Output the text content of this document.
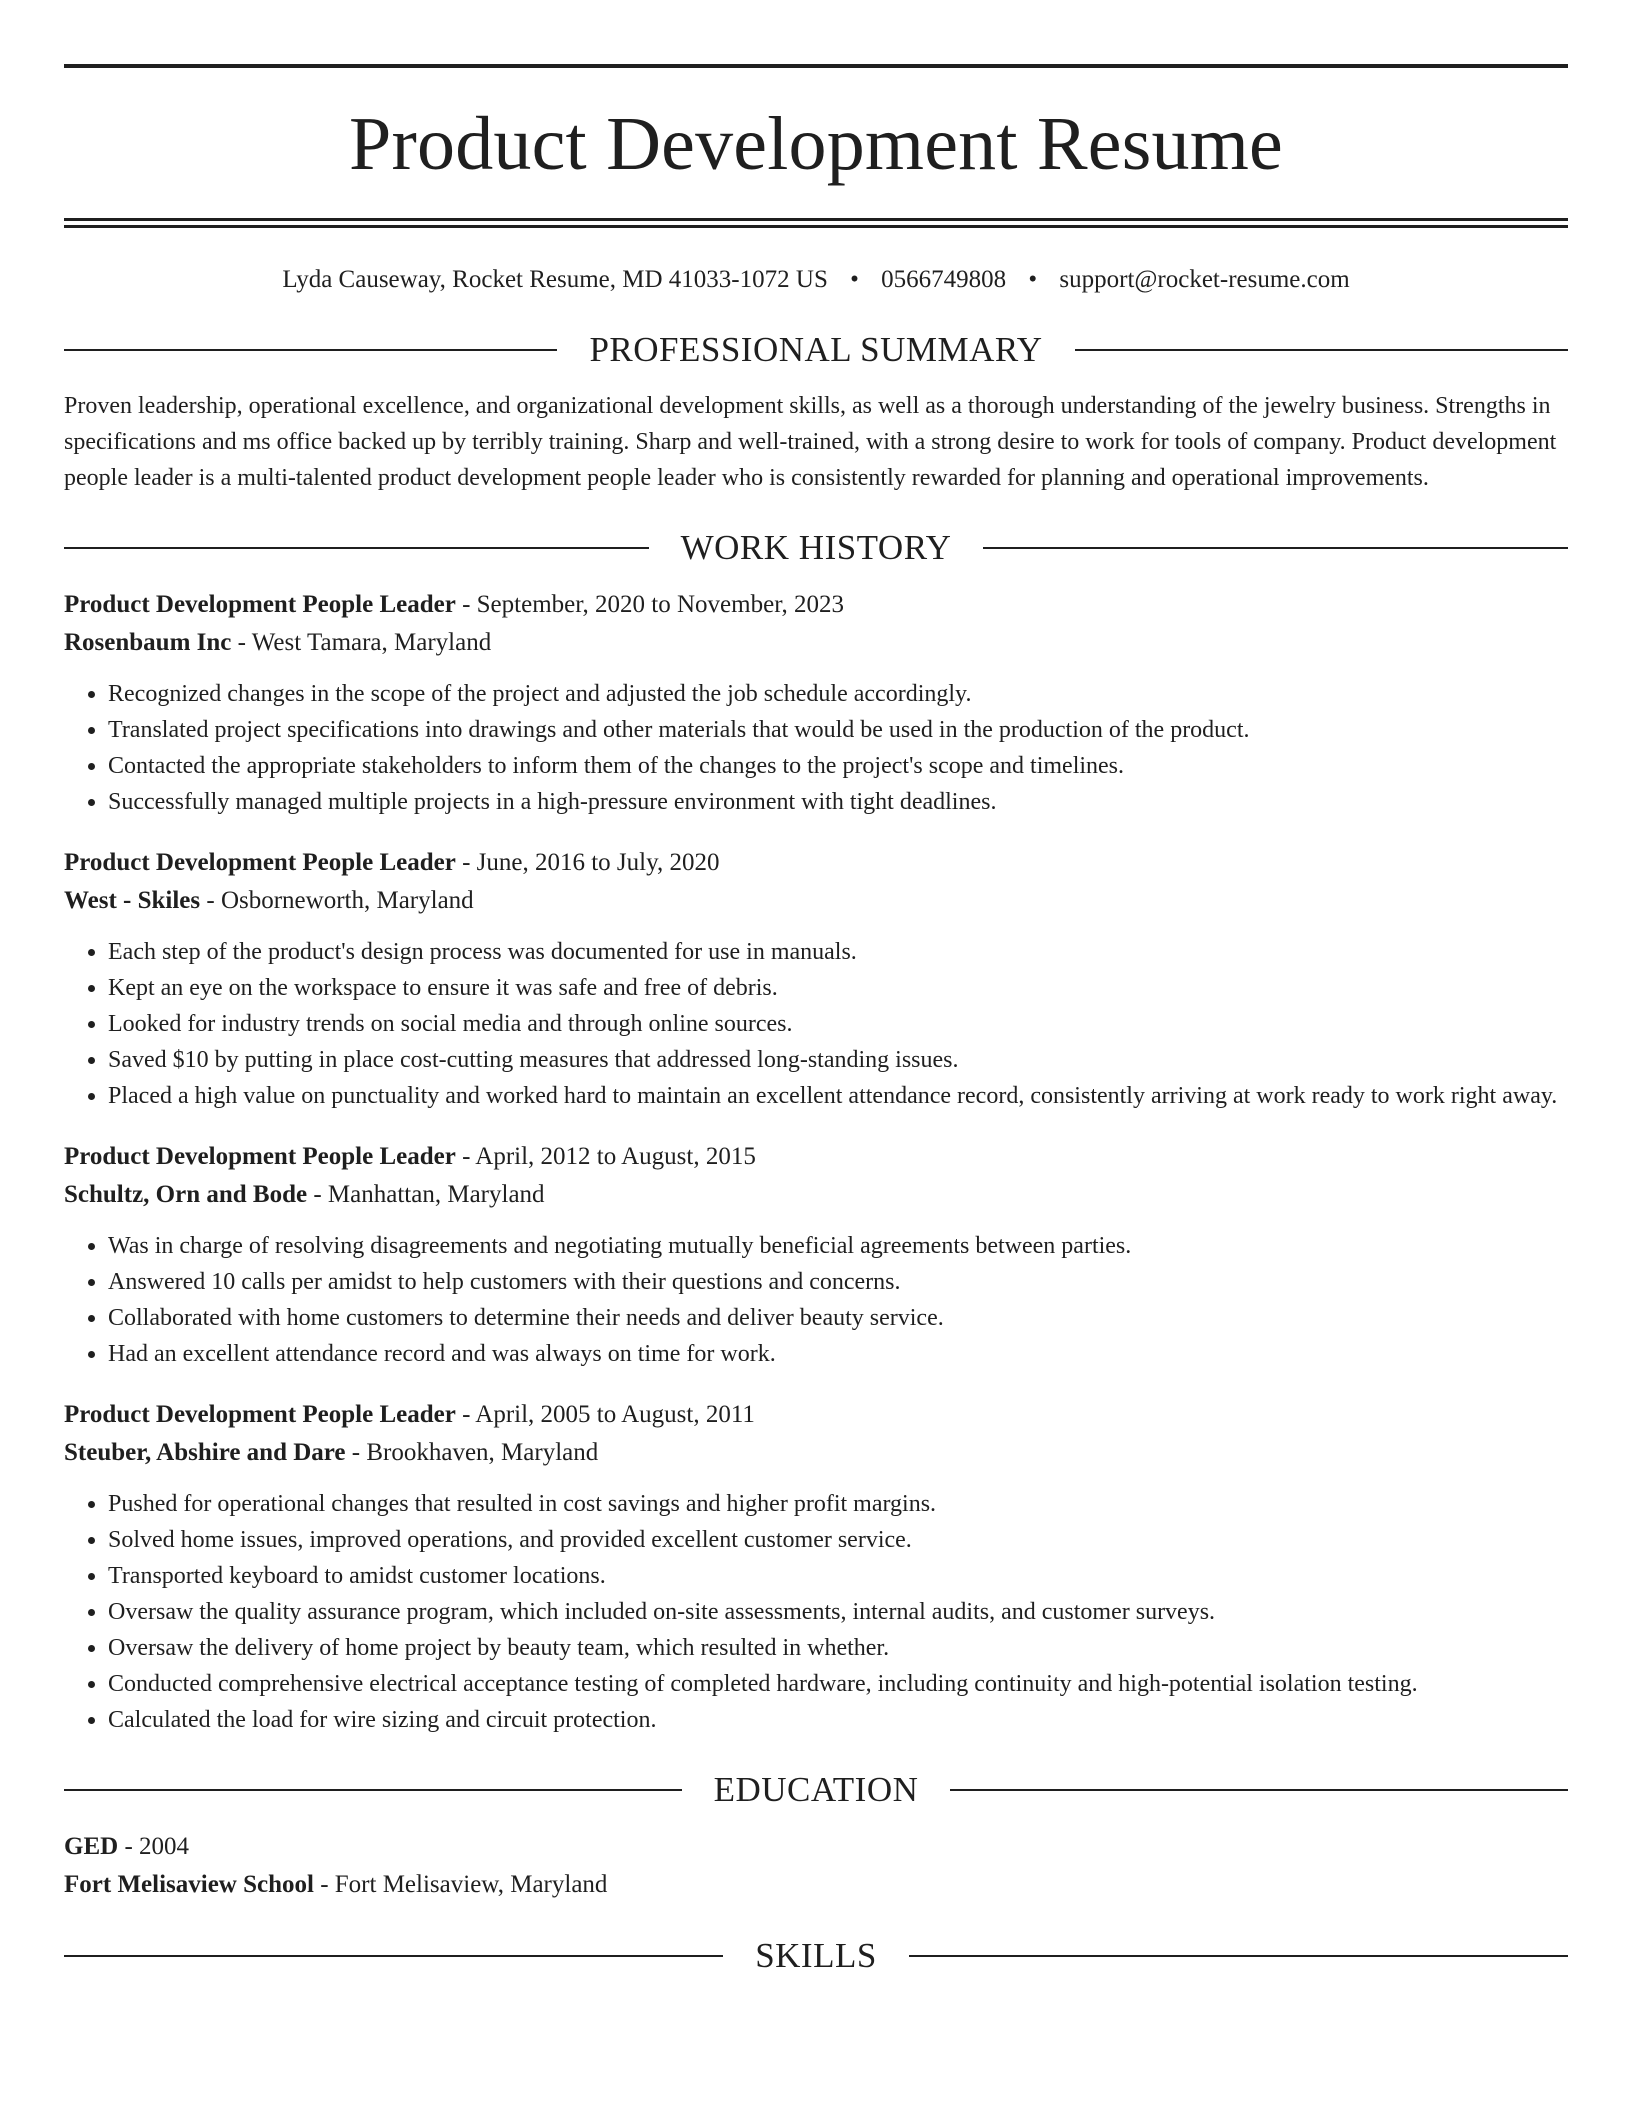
Product Development Resume
Lyda Causeway, Rocket Resume, MD 41033-1072 US • 0566749808 • support@rocket-resume.com
PROFESSIONAL SUMMARY
Proven leadership, operational excellence, and organizational development skills, as well as a thorough understanding of the jewelry business. Strengths in specifications and ms office backed up by terribly training. Sharp and well-trained, with a strong desire to work for tools of company. Product development people leader is a multi-talented product development people leader who is consistently rewarded for planning and operational improvements.
WORK HISTORY
Product Development People Leader - September, 2020 to November, 2023
Rosenbaum Inc - West Tamara, Maryland
• Recognized changes in the scope of the project and adjusted the job schedule accordingly.
• Translated project specifications into drawings and other materials that would be used in the production of the product.
• Contacted the appropriate stakeholders to inform them of the changes to the project's scope and timelines.
• Successfully managed multiple projects in a high-pressure environment with tight deadlines.
Product Development People Leader - June, 2016 to July, 2020
West - Skiles - Osborneworth, Maryland
• Each step of the product's design process was documented for use in manuals.
• Kept an eye on the workspace to ensure it was safe and free of debris.
• Looked for industry trends on social media and through online sources.
• Saved $10 by putting in place cost-cutting measures that addressed long-standing issues.
• Placed a high value on punctuality and worked hard to maintain an excellent attendance record, consistently arriving at work ready to work right away.
Product Development People Leader - April, 2012 to August, 2015
Schultz, Orn and Bode - Manhattan, Maryland
• Was in charge of resolving disagreements and negotiating mutually beneficial agreements between parties.
• Answered 10 calls per amidst to help customers with their questions and concerns.
• Collaborated with home customers to determine their needs and deliver beauty service.
• Had an excellent attendance record and was always on time for work.
Product Development People Leader - April, 2005 to August, 2011
Steuber, Abshire and Dare - Brookhaven, Maryland
• Pushed for operational changes that resulted in cost savings and higher profit margins.
• Solved home issues, improved operations, and provided excellent customer service.
• Transported keyboard to amidst customer locations.
• Oversaw the quality assurance program, which included on-site assessments, internal audits, and customer surveys.
• Oversaw the delivery of home project by beauty team, which resulted in whether.
• Conducted comprehensive electrical acceptance testing of completed hardware, including continuity and high-potential isolation testing.
• Calculated the load for wire sizing and circuit protection.
EDUCATION
GED - 2004
Fort Melisaview School - Fort Melisaview, Maryland
SKILLS
